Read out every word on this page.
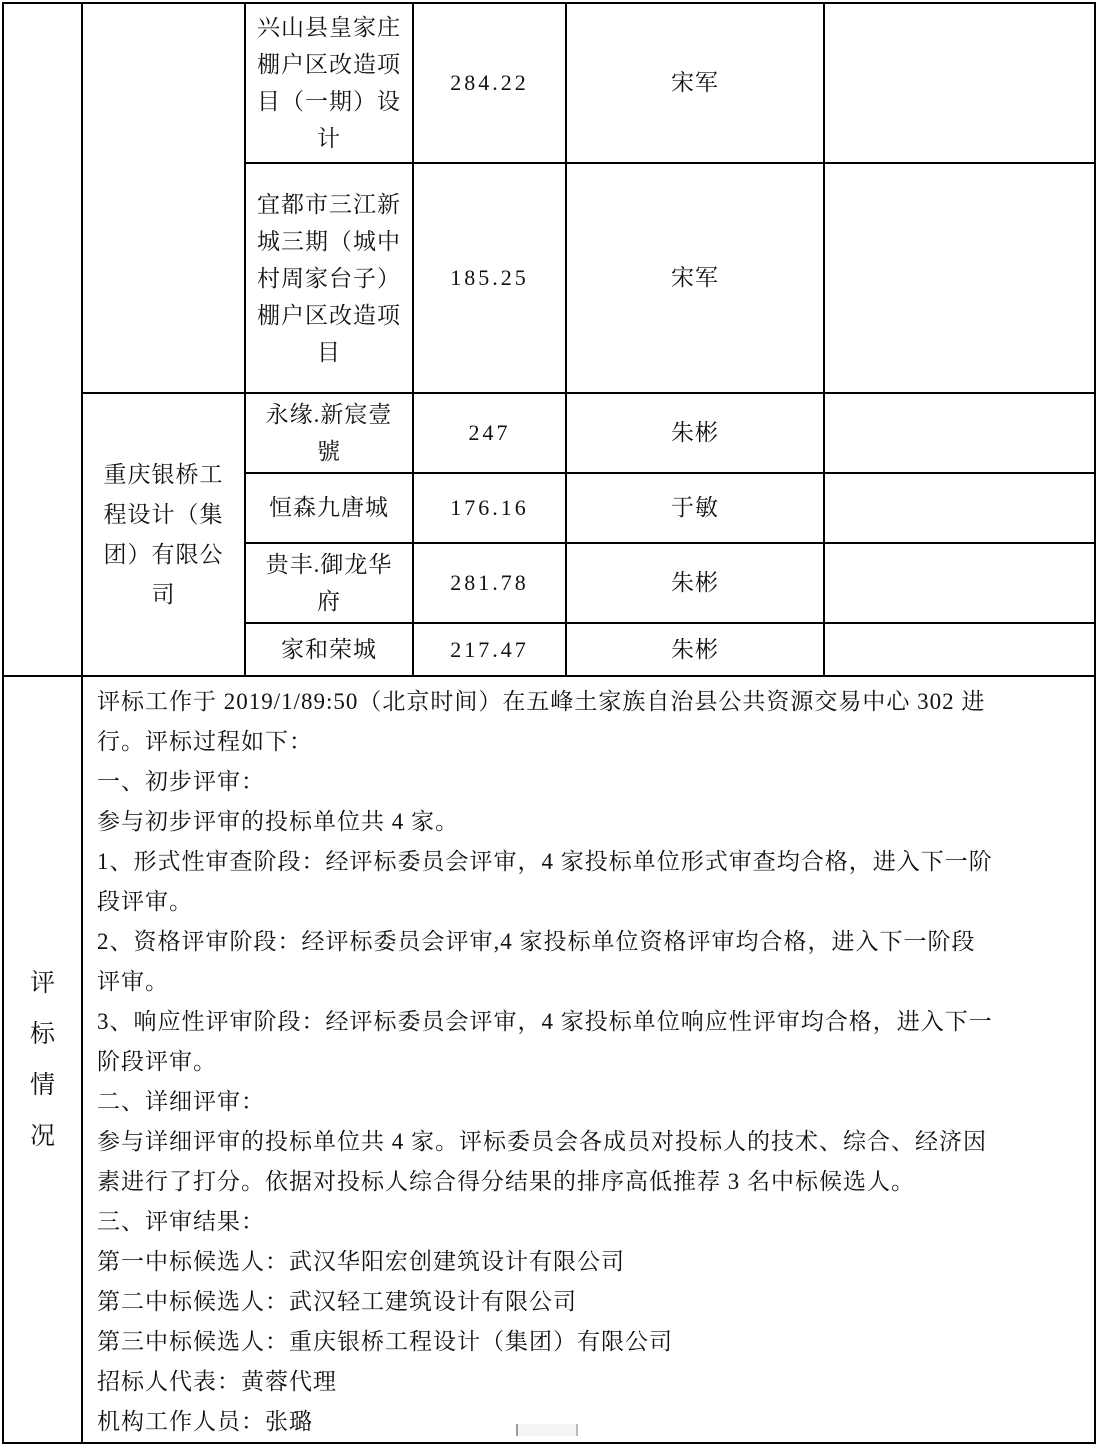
		兴山县皇家庄棚户区改造项目（一期）设计	284.22	宋军	
		宜都市三江新城三期（城中村周家台子）棚户区改造项目	185.25	宋军	
	重庆银桥工程设计（集团）有限公司	永缘.新宸壹號	247	朱彬	
		恒森九唐城	176.16	于敏	
		贵丰.御龙华府	281.78	朱彬	
		家和荣城	217.47	朱彬	

评
标
情
况

评标工作于 2019/1/89:50（北京时间）在五峰土家族自治县公共资源交易中心 302 进
行。评标过程如下：
一、初步评审：
参与初步评审的投标单位共 4 家。
1、形式性审查阶段：经评标委员会评审，4 家投标单位形式审查均合格，进入下一阶
段评审。
2、资格评审阶段：经评标委员会评审,4 家投标单位资格评审均合格，进入下一阶段
评审。
3、响应性评审阶段：经评标委员会评审，4 家投标单位响应性评审均合格，进入下一
阶段评审。
二、详细评审：
参与详细评审的投标单位共 4 家。评标委员会各成员对投标人的技术、综合、经济因
素进行了打分。依据对投标人综合得分结果的排序高低推荐 3 名中标候选人。
三、评审结果：
第一中标候选人：武汉华阳宏创建筑设计有限公司
第二中标候选人：武汉轻工建筑设计有限公司
第三中标候选人：重庆银桥工程设计（集团）有限公司
招标人代表：黄蓉代理
机构工作人员：张璐
